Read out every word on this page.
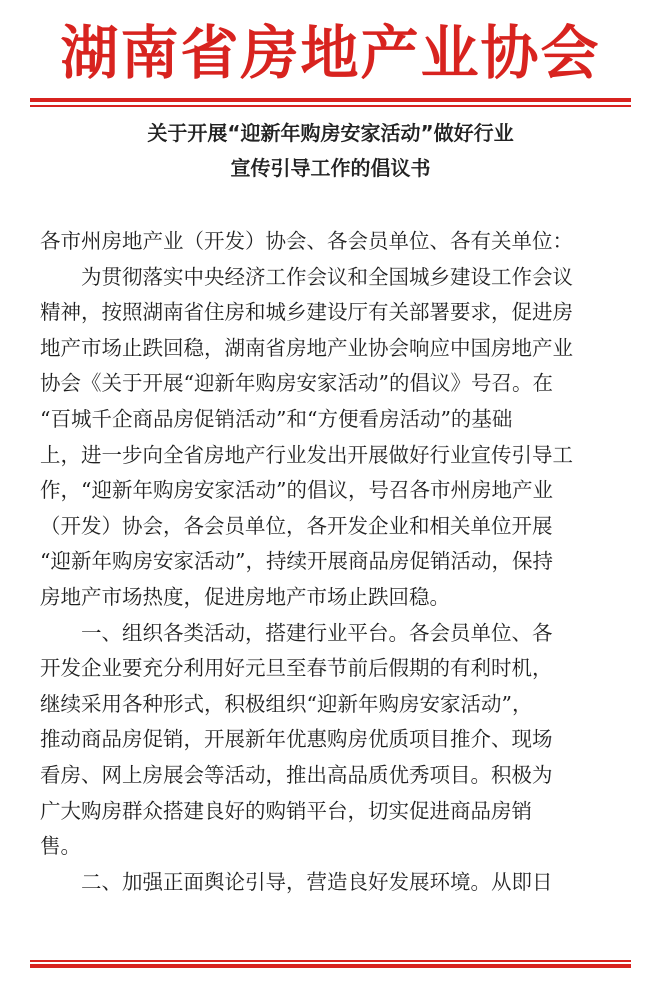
湖南省房地产业协会
关于开展“迎新年购房安家活动”做好行业
宣传引导工作的倡议书
各市州房地产业（开发）协会、各会员单位、各有关单位：
为贯彻落实中央经济工作会议和全国城乡建设工作会议
精神，按照湖南省住房和城乡建设厅有关部署要求，促进房
地产市场止跌回稳，湖南省房地产业协会响应中国房地产业
协会《关于开展“迎新年购房安家活动”的倡议》号召。在
“百城千企商品房促销活动”和“方便看房活动”的基础
上，进一步向全省房地产行业发出开展做好行业宣传引导工
作，“迎新年购房安家活动”的倡议，号召各市州房地产业
（开发）协会，各会员单位，各开发企业和相关单位开展
“迎新年购房安家活动”，持续开展商品房促销活动，保持
房地产市场热度，促进房地产市场止跌回稳。
一、组织各类活动，搭建行业平台。各会员单位、各
开发企业要充分利用好元旦至春节前后假期的有利时机，
继续采用各种形式，积极组织“迎新年购房安家活动”，
推动商品房促销，开展新年优惠购房优质项目推介、现场
看房、网上房展会等活动，推出高品质优秀项目。积极为
广大购房群众搭建良好的购销平台，切实促进商品房销
售。
二、加强正面舆论引导，营造良好发展环境。从即日
